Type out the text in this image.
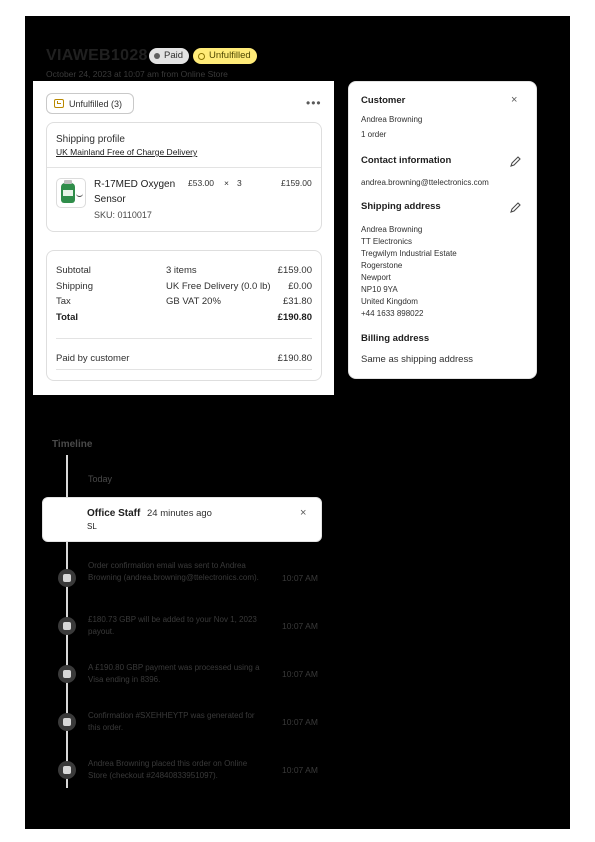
VIAWEB1028 Paid	Unfulfilled
October 24, 2023 at 10:07 am from Online Store
Unfulfilled (3)	•••
Shipping profile
UK Mainland Free of Charge Delivery
R-17MED Oxygen Sensor
SKU: 0110017
£53.00 × 3	£159.00
Subtotal	3 items	£159.00
Shipping	UK Free Delivery (0.0 lb)	£0.00
Tax	GB VAT 20%	£31.80
Total	£190.80
Paid by customer	£190.80
Customer	×
Andrea Browning
1 order
Contact information
andrea.browning@ttelectronics.com
Shipping address
Andrea Browning
TT Electronics
Tregwilym Industrial Estate
Rogerstone
Newport
NP10 9YA
United Kingdom
+44 1633 898022
Billing address
Same as shipping address
Timeline
Today
Office Staff 24 minutes ago
SL
×
Order confirmation email was sent to Andrea Browning (andrea.browning@ttelectronics.com).	10:07 AM
£180.73 GBP will be added to your Nov 1, 2023 payout.
10:07 AM
A £190.80 GBP payment was processed using a Visa ending in 8396.
10:07 AM
Confirmation #SXEHHEYTP was generated for this order.
10:07 AM
Andrea Browning placed this order on Online Store (checkout #24840833951097).
10:07 AM
